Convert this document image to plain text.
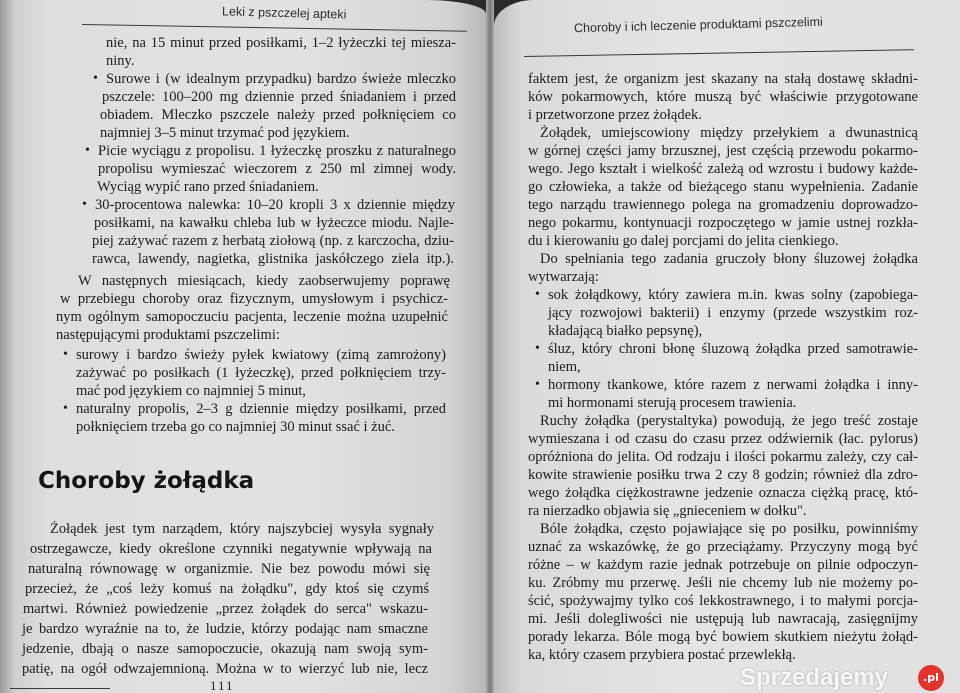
Leki z pszczelej apteki
Choroby żołądka
111
nie, na 15 minut przed posiłkami, 1–2 łyżeczki tej miesza-
niny.
• Surowe i (w idealnym przypadku) bardzo świeże mleczko
pszczele: 100–200 mg dziennie przed śniadaniem i przed
obiadem. Mleczko pszczele należy przed połknięciem co
najmniej 3–5 minut trzymać pod językiem.
• Picie wyciągu z propolisu. 1 łyżeczkę proszku z naturalnego
propolisu wymieszać wieczorem z 250 ml zimnej wody.
Wyciąg wypić rano przed śniadaniem.
• 30-procentowa nalewka: 10–20 kropli 3 x dziennie między
posiłkami, na kawałku chleba lub w łyżeczce miodu. Najle-
piej zażywać razem z herbatą ziołową (np. z karczocha, dziu-
rawca, lawendy, nagietka, glistnika jaskółczego ziela itp.).
W następnych miesiącach, kiedy zaobserwujemy poprawę
w przebiegu choroby oraz fizycznym, umysłowym i psychicz-
nym ogólnym samopoczuciu pacjenta, leczenie można uzupełnić
następującymi produktami pszczelimi:
• surowy i bardzo świeży pyłek kwiatowy (zimą zamrożony)
zażywać po posiłkach (1 łyżeczkę), przed połknięciem trzy-
mać pod językiem co najmniej 5 minut,
• naturalny propolis, 2–3 g dziennie między posiłkami, przed
połknięciem trzeba go co najmniej 30 minut ssać i żuć.
Żołądek jest tym narządem, który najszybciej wysyła sygnały
ostrzegawcze, kiedy określone czynniki negatywnie wpływają na
naturalną równowagę w organizmie. Nie bez powodu mówi się
przecież, że „coś leży komuś na żołądku", gdy ktoś się czymś
martwi. Również powiedzenie „przez żołądek do serca" wskazu-
je bardzo wyraźnie na to, że ludzie, którzy podając nam smaczne
jedzenie, dbają o nasze samopoczucie, okazują nam swoją sym-
patię, na ogół odwzajemnioną. Można w to wierzyć lub nie, lecz
Choroby i ich leczenie produktami pszczelimi
faktem jest, że organizm jest skazany na stałą dostawę składni-
ków pokarmowych, które muszą być właściwie przygotowane
i przetworzone przez żołądek.
Żołądek, umiejscowiony między przełykiem a dwunastnicą
w górnej części jamy brzusznej, jest częścią przewodu pokarmo-
wego. Jego kształt i wielkość zależą od wzrostu i budowy każde-
go człowieka, a także od bieżącego stanu wypełnienia. Zadanie
tego narządu trawiennego polega na gromadzeniu doprowadzo-
nego pokarmu, kontynuacji rozpoczętego w jamie ustnej rozkła-
du i kierowaniu go dalej porcjami do jelita cienkiego.
Do spełniania tego zadania gruczoły błony śluzowej żołądka
wytwarzają:
• sok żołądkowy, który zawiera m.in. kwas solny (zapobiega-
jący rozwojowi bakterii) i enzymy (przede wszystkim roz-
kładającą białko pepsynę),
• śluz, który chroni błonę śluzową żołądka przed samotrawie-
niem,
• hormony tkankowe, które razem z nerwami żołądka i inny-
mi hormonami sterują procesem trawienia.
Ruchy żołądka (perystaltyka) powodują, że jego treść zostaje
wymieszana i od czasu do czasu przez odźwiernik (łac. pylorus)
opróżniona do jelita. Od rodzaju i ilości pokarmu zależy, czy cał-
kowite strawienie posiłku trwa 2 czy 8 godzin; również dla zdro-
wego żołądka ciężkostrawne jedzenie oznacza ciężką pracę, któ-
ra nierzadko objawia się „gnieceniem w dołku".
Bóle żołądka, często pojawiające się po posiłku, powinniśmy
uznać za wskazówkę, że go przeciążamy. Przyczyny mogą być
różne – w każdym razie jednak potrzebuje on pilnie odpoczyn-
ku. Zróbmy mu przerwę. Jeśli nie chcemy lub nie możemy po-
ścić, spożywajmy tylko coś lekkostrawnego, i to małymi porcja-
mi. Jeśli dolegliwości nie ustępują lub nawracają, zasięgnijmy
porady lekarza. Bóle mogą być bowiem skutkiem nieżytu żołąd-
ka, który czasem przybiera postać przewlekłą.
Sprzedajemy	.pl
